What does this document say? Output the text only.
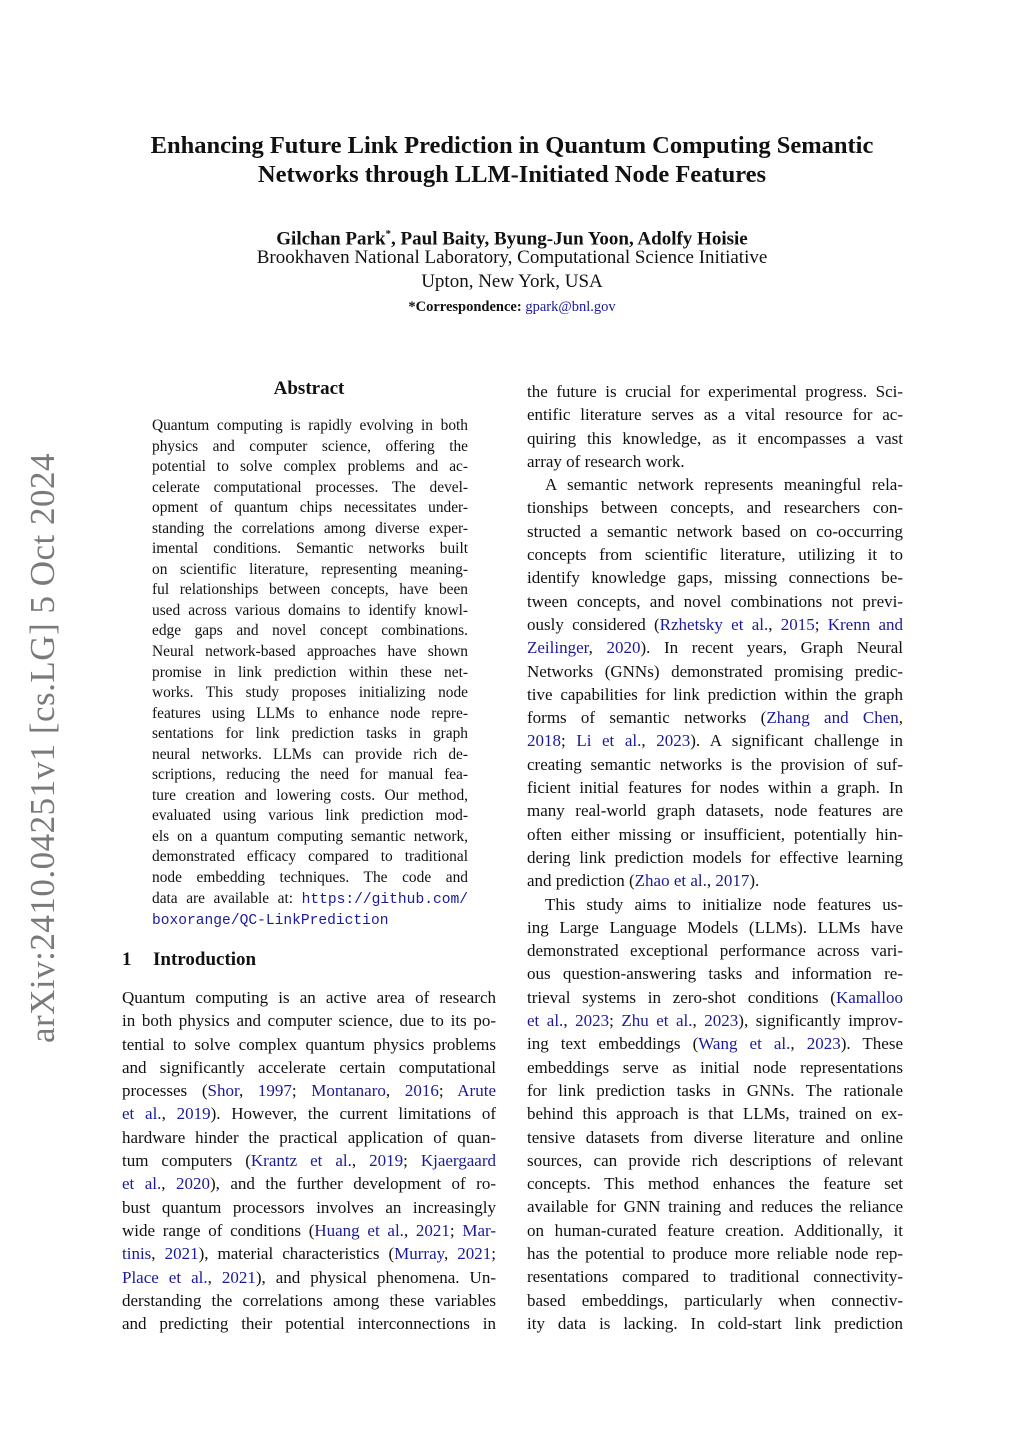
arXiv:2410.04251v1 [cs.LG] 5 Oct 2024
Enhancing Future Link Prediction in Quantum Computing Semantic
Networks through LLM-Initiated Node Features
Gilchan Park*, Paul Baity, Byung-Jun Yoon, Adolfy Hoisie
Brookhaven National Laboratory, Computational Science Initiative
Upton, New York, USA
*Correspondence: gpark@bnl.gov
Abstract
Quantum computing is rapidly evolving in both
physics and computer science, offering the
potential to solve complex problems and ac-
celerate computational processes. The devel-
opment of quantum chips necessitates under-
standing the correlations among diverse exper-
imental conditions. Semantic networks built
on scientific literature, representing meaning-
ful relationships between concepts, have been
used across various domains to identify knowl-
edge gaps and novel concept combinations.
Neural network-based approaches have shown
promise in link prediction within these net-
works. This study proposes initializing node
features using LLMs to enhance node repre-
sentations for link prediction tasks in graph
neural networks. LLMs can provide rich de-
scriptions, reducing the need for manual fea-
ture creation and lowering costs. Our method,
evaluated using various link prediction mod-
els on a quantum computing semantic network,
demonstrated efficacy compared to traditional
node embedding techniques. The code and
data are available at: https://github.com/
boxorange/QC-LinkPrediction
1 Introduction
Quantum computing is an active area of research
in both physics and computer science, due to its po-
tential to solve complex quantum physics problems
and significantly accelerate certain computational
processes (Shor, 1997; Montanaro, 2016; Arute
et al., 2019). However, the current limitations of
hardware hinder the practical application of quan-
tum computers (Krantz et al., 2019; Kjaergaard
et al., 2020), and the further development of ro-
bust quantum processors involves an increasingly
wide range of conditions (Huang et al., 2021; Mar-
tinis, 2021), material characteristics (Murray, 2021;
Place et al., 2021), and physical phenomena. Un-
derstanding the correlations among these variables
and predicting their potential interconnections in
the future is crucial for experimental progress. Sci-
entific literature serves as a vital resource for ac-
quiring this knowledge, as it encompasses a vast
array of research work.
A semantic network represents meaningful rela-
tionships between concepts, and researchers con-
structed a semantic network based on co-occurring
concepts from scientific literature, utilizing it to
identify knowledge gaps, missing connections be-
tween concepts, and novel combinations not previ-
ously considered (Rzhetsky et al., 2015; Krenn and
Zeilinger, 2020). In recent years, Graph Neural
Networks (GNNs) demonstrated promising predic-
tive capabilities for link prediction within the graph
forms of semantic networks (Zhang and Chen,
2018; Li et al., 2023). A significant challenge in
creating semantic networks is the provision of suf-
ficient initial features for nodes within a graph. In
many real-world graph datasets, node features are
often either missing or insufficient, potentially hin-
dering link prediction models for effective learning
and prediction (Zhao et al., 2017).
This study aims to initialize node features us-
ing Large Language Models (LLMs). LLMs have
demonstrated exceptional performance across vari-
ous question-answering tasks and information re-
trieval systems in zero-shot conditions (Kamalloo
et al., 2023; Zhu et al., 2023), significantly improv-
ing text embeddings (Wang et al., 2023). These
embeddings serve as initial node representations
for link prediction tasks in GNNs. The rationale
behind this approach is that LLMs, trained on ex-
tensive datasets from diverse literature and online
sources, can provide rich descriptions of relevant
concepts. This method enhances the feature set
available for GNN training and reduces the reliance
on human-curated feature creation. Additionally, it
has the potential to produce more reliable node rep-
resentations compared to traditional connectivity-
based embeddings, particularly when connectiv-
ity data is lacking. In cold-start link prediction
